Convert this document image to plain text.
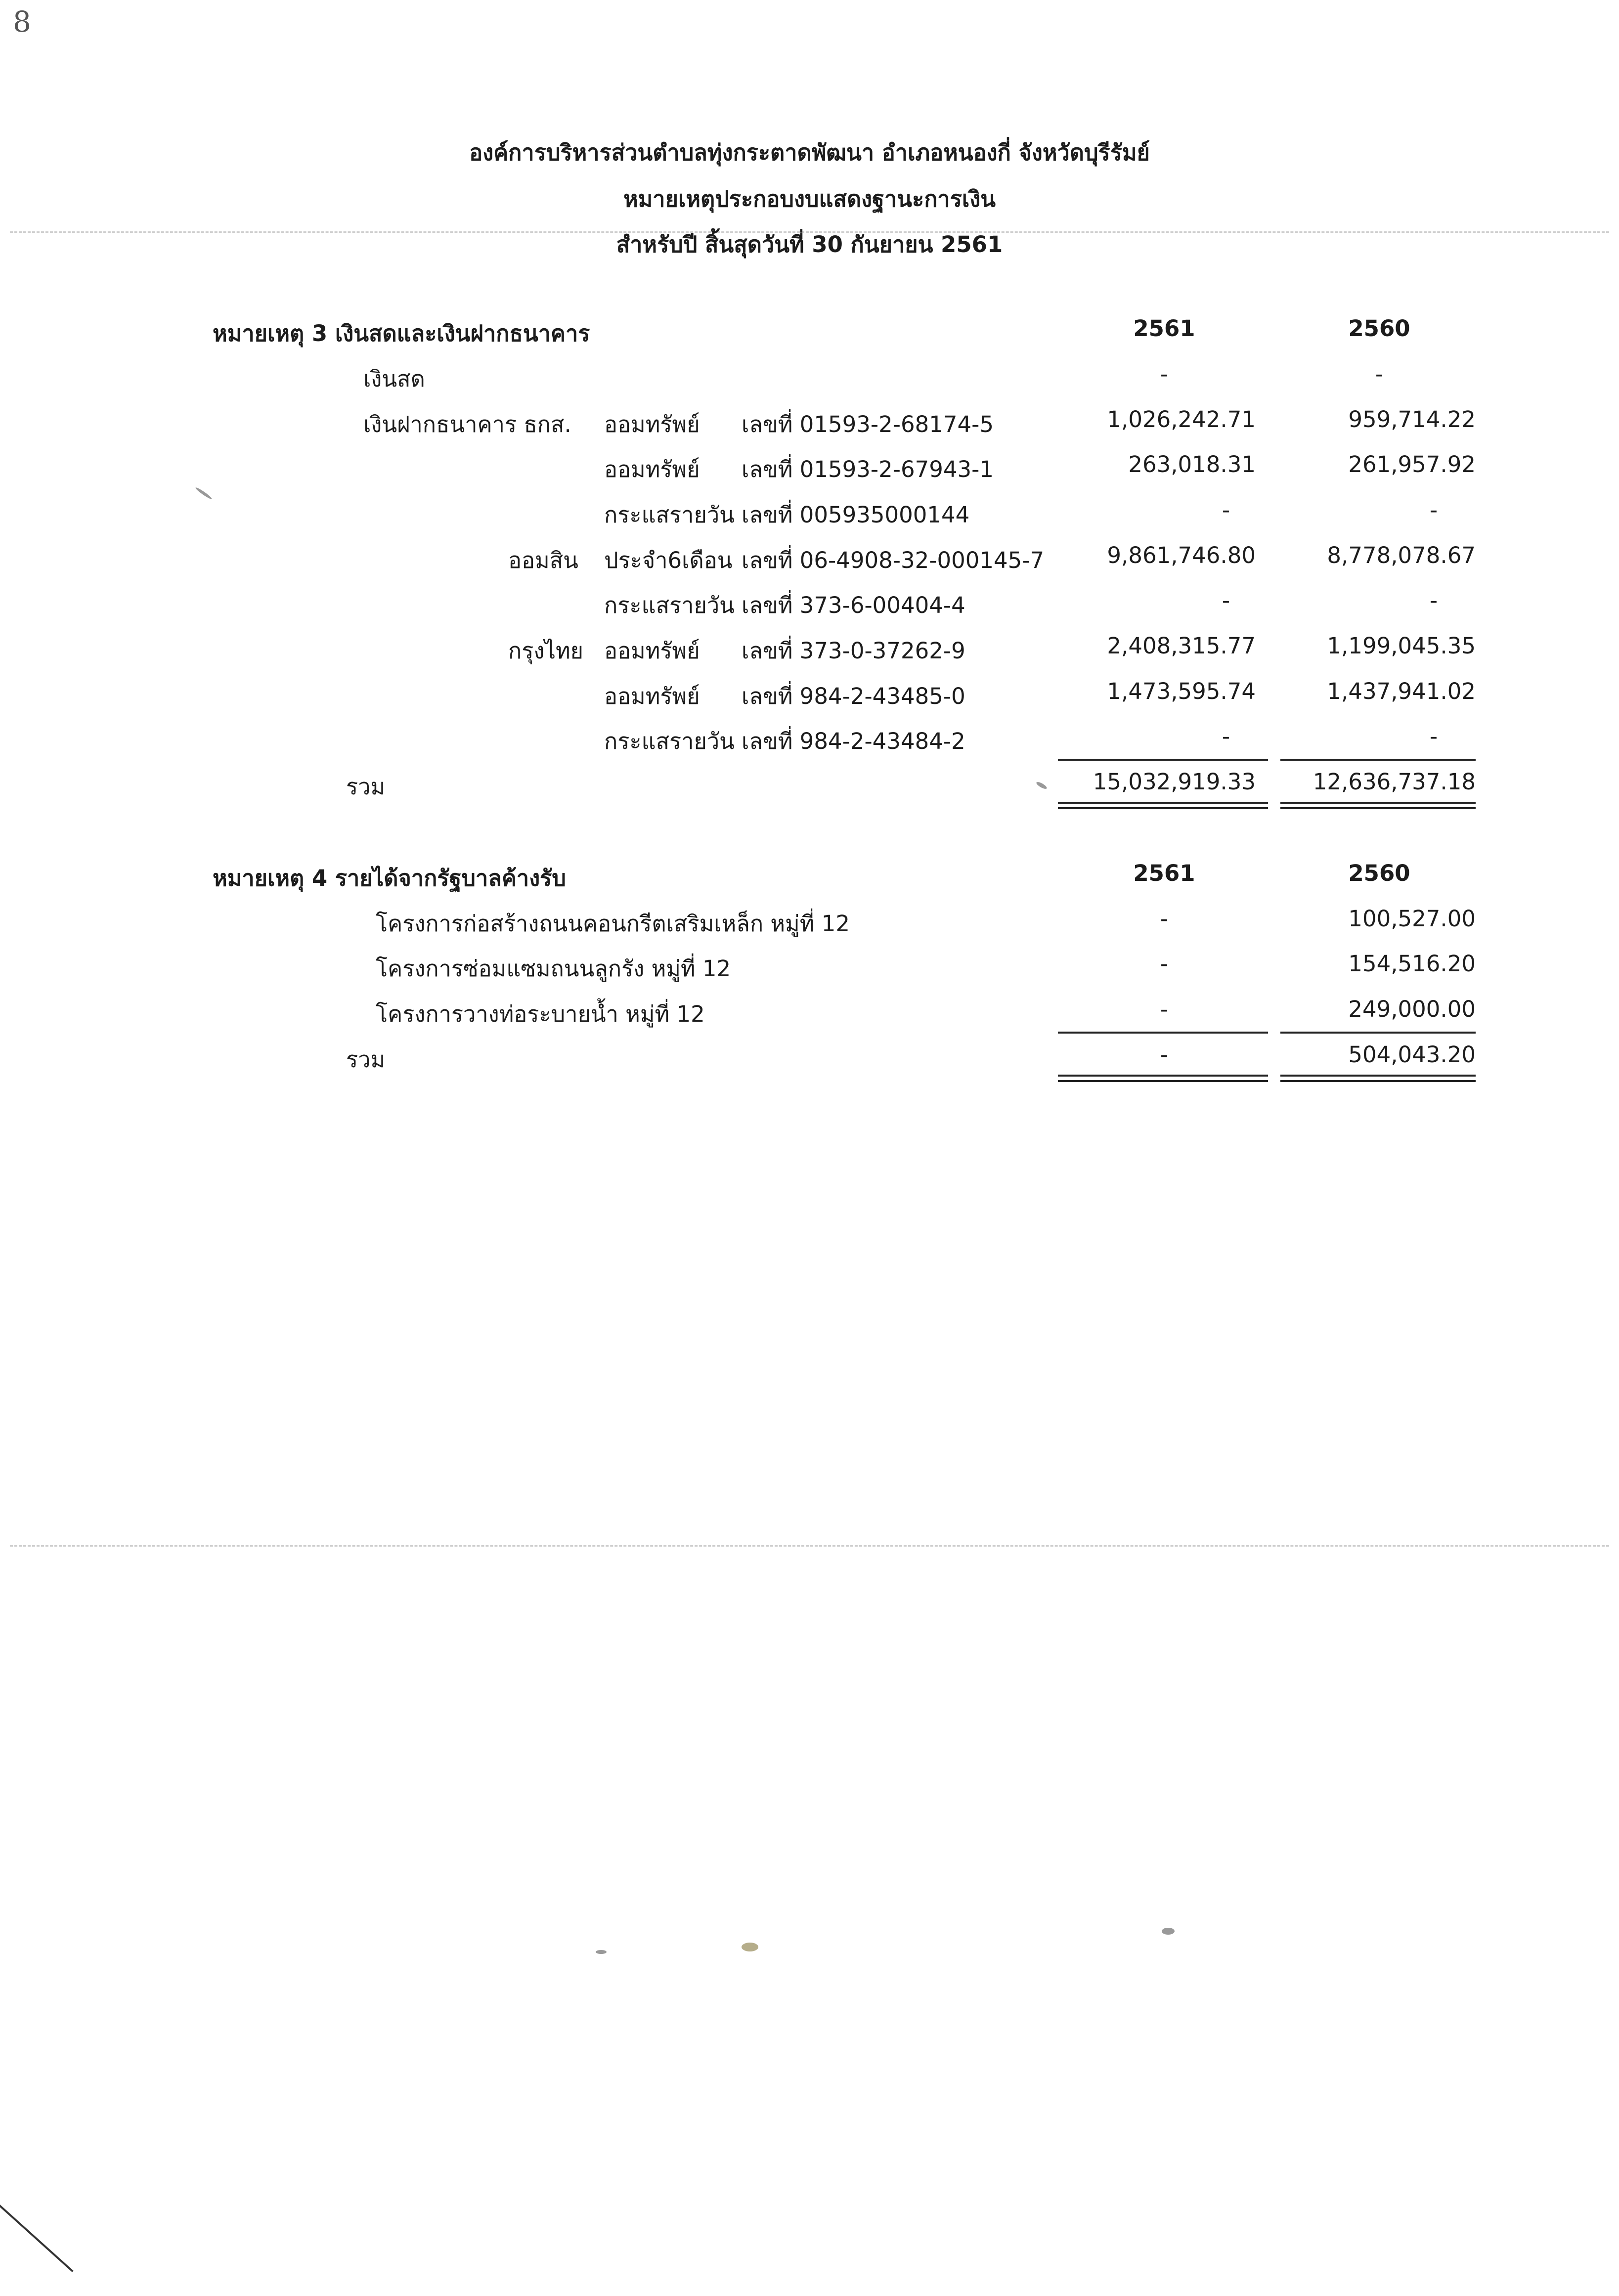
8
องค์การบริหารส่วนตำบลทุ่งกระตาดพัฒนา อำเภอหนองกี่ จังหวัดบุรีรัมย์
หมายเหตุประกอบงบแสดงฐานะการเงิน
สำหรับปี สิ้นสุดวันที่ 30 กันยายน 2561
หมายเหตุ 3 เงินสดและเงินฝากธนาคาร	2561	2560
เงินสด	-	-
เงินฝากธนาคาร ธกส. ออมทรัพย์ เลขที่ 01593-2-68174-5	1,026,242.71	959,714.22
ออมทรัพย์ เลขที่ 01593-2-67943-1	263,018.31	261,957.92
กระแสรายวัน เลขที่ 005935000144	-	-
ออมสิน ประจำ6เดือน เลขที่ 06-4908-32-000145-7	9,861,746.80	8,778,078.67
กระแสรายวัน เลขที่ 373-6-00404-4	-	-
กรุงไทย ออมทรัพย์ เลขที่ 373-0-37262-9	2,408,315.77	1,199,045.35
ออมทรัพย์ เลขที่ 984-2-43485-0	1,473,595.74	1,437,941.02
กระแสรายวัน เลขที่ 984-2-43484-2	-	-
รวม	15,032,919.33	12,636,737.18
หมายเหตุ 4 รายได้จากรัฐบาลค้างรับ	2561	2560
โครงการก่อสร้างถนนคอนกรีตเสริมเหล็ก หมู่ที่ 12	-	100,527.00
โครงการซ่อมแซมถนนลูกรัง หมู่ที่ 12	-	154,516.20
โครงการวางท่อระบายน้ำ หมู่ที่ 12	-	249,000.00
รวม	-	504,043.20
